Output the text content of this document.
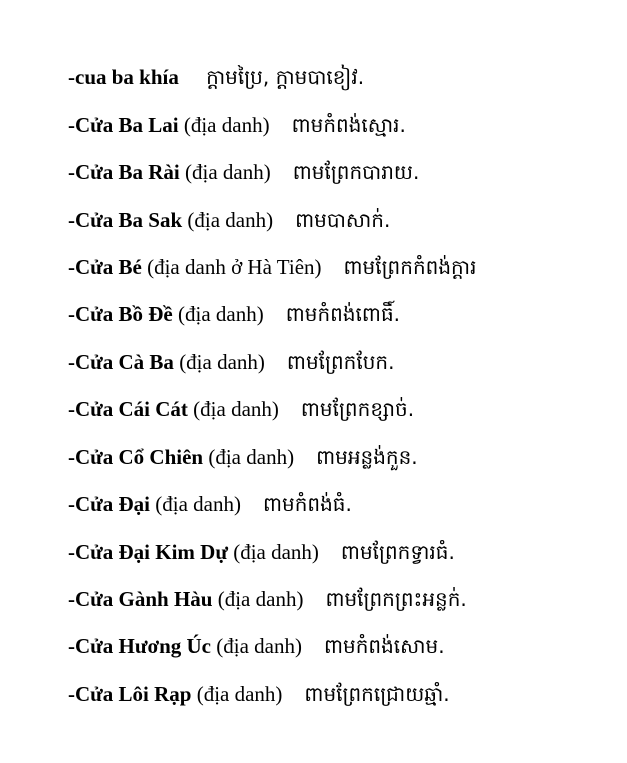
-cua ba khía ក្តាមប្រៃ, ក្តាមបាខៀវ.
-Cửa Ba Lai (địa danh) ពាមកំពង់ស្មោរ.
-Cửa Ba Rài (địa danh) ពាមព្រែកបារាយ.
-Cửa Ba Sak (địa danh) ពាមបាសាក់.
-Cửa Bé (địa danh ở Hà Tiên) ពាមព្រែកកំពង់ក្តារ
-Cửa Bồ Đề (địa danh) ពាមកំពង់ពោធិ៍.
-Cửa Cà Ba (địa danh) ពាមព្រែកបែក.
-Cửa Cái Cát (địa danh) ពាមព្រែកខ្សាច់.
-Cửa Cổ Chiên (địa danh) ពាមអន្លង់កួន.
-Cửa Đại (địa danh) ពាមកំពង់ធំ.
-Cửa Đại Kim Dự (địa danh) ពាមព្រែកទ្វារធំ.
-Cửa Gành Hàu (địa danh) ពាមព្រែកព្រះអន្លក់.
-Cửa Hương Úc (địa danh) ពាមកំពង់សោម.
-Cửa Lôi Rạp (địa danh) ពាមព្រែកជ្រោយឆ្មាំ.
